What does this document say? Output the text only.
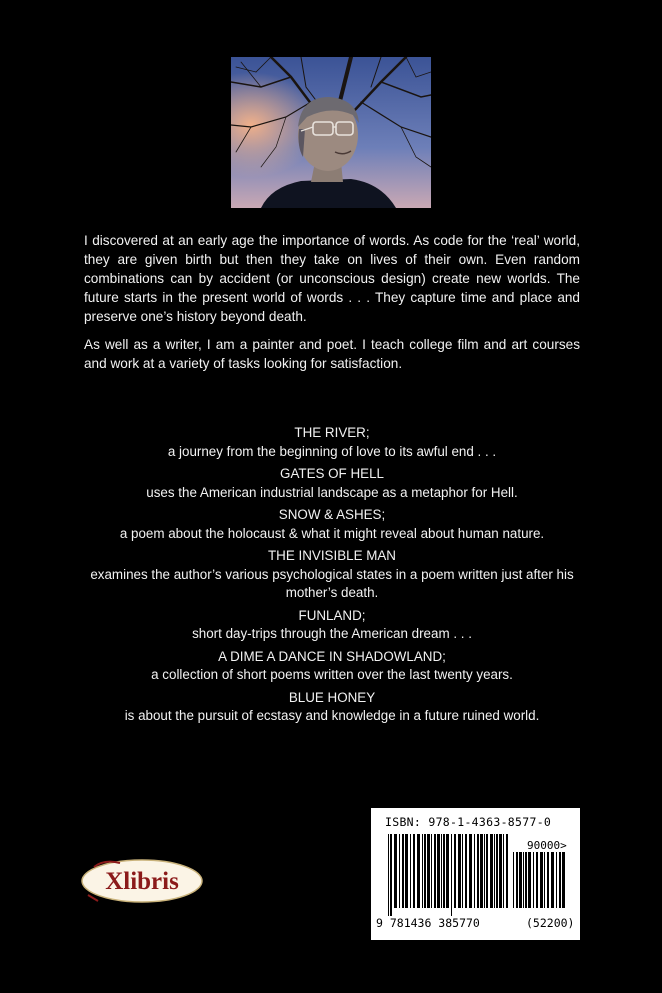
I discovered at an early age the importance of words. As code for the ‘real’ world, they are given birth but then they take on lives of their own. Even random combinations can by accident (or unconscious design) create new worlds. The future starts in the present world of words . . . They capture time and place and preserve one’s history beyond death.

As well as a writer, I am a painter and poet. I teach college film and art courses and work at a variety of tasks looking for satisfaction.

THE RIVER;
a journey from the beginning of love to its awful end . . .
GATES OF HELL
uses the American industrial landscape as a metaphor for Hell.
SNOW & ASHES;
a poem about the holocaust & what it might reveal about human nature.
THE INVISIBLE MAN
examines the author’s various psychological states in a poem written just after his mother’s death.
FUNLAND;
short day-trips through the American dream . . .
A DIME A DANCE IN SHADOWLAND;
a collection of short poems written over the last twenty years.
BLUE HONEY
is about the pursuit of ecstasy and knowledge in a future ruined world.
Xlibris
ISBN: 978-1-4363-8577-0
90000>
9 781436 385770	(52200)
